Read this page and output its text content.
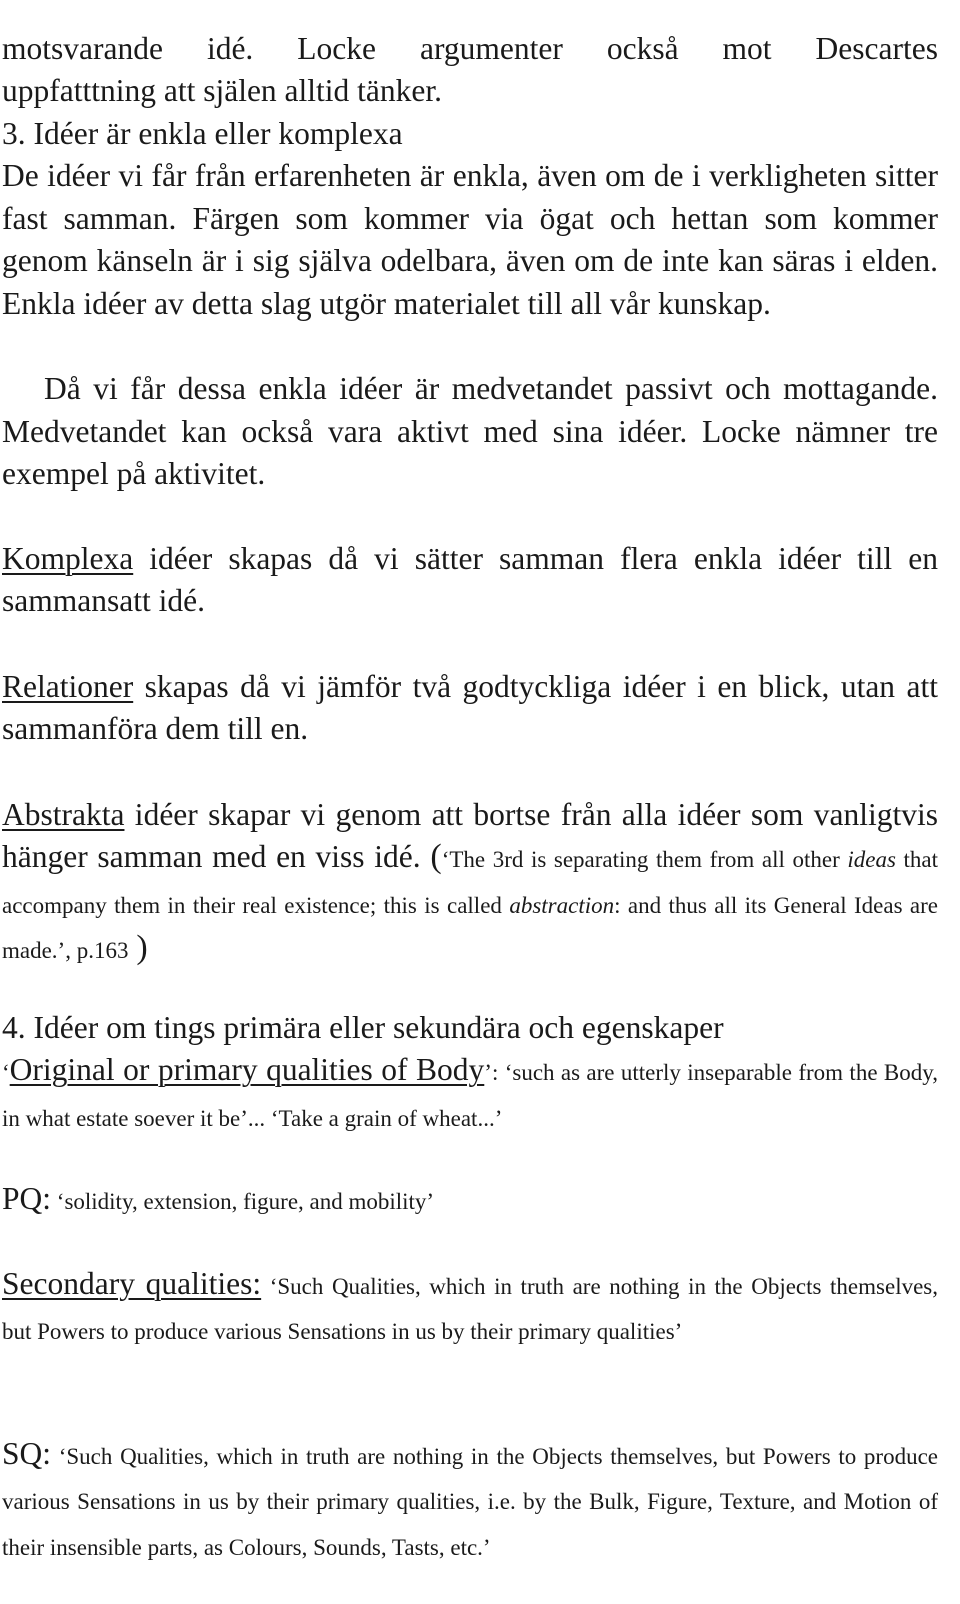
motsvarande idé. Locke argumenter också mot Descartes

uppfatttning att själen alltid tänker.

3. Idéer är enkla eller komplexa

De idéer vi får från erfarenheten är enkla, även om de i verkligheten sitter fast samman. Färgen som kommer via ögat och hettan som kommer genom känseln är i sig själva odelbara, även om de inte kan säras i elden. Enkla idéer av detta slag utgör materialet till all vår kunskap.

Då vi får dessa enkla idéer är medvetandet passivt och mottagande. Medvetandet kan också vara aktivt med sina idéer. Locke nämner tre exempel på aktivitet.

Komplexa idéer skapas då vi sätter samman flera enkla idéer till en sammansatt idé.

Relationer skapas då vi jämför två godtyckliga idéer i en blick, utan att sammanföra dem till en.

Abstrakta idéer skapar vi genom att bortse från alla idéer som vanligtvis hänger samman med en viss idé. (‘The 3rd is separating them from all other ideas that accompany them in their real existence; this is called abstraction: and thus all its General Ideas are made.’, p.163 )

4. Idéer om tings primära eller sekundära och egenskaper

‘Original or primary qualities of Body’: ‘such as are utterly inseparable from the Body, in what estate soever it be’... ‘Take a grain of wheat...’

PQ: ‘solidity, extension, figure, and mobility’

Secondary qualities: ‘Such Qualities, which in truth are nothing in the Objects themselves, but Powers to produce various Sensations in us by their primary qualities’

SQ: ‘Such Qualities, which in truth are nothing in the Objects themselves, but Powers to produce various Sensations in us by their primary qualities, i.e. by the Bulk, Figure, Texture, and Motion of their insensible parts, as Colours, Sounds, Tasts, etc.’
